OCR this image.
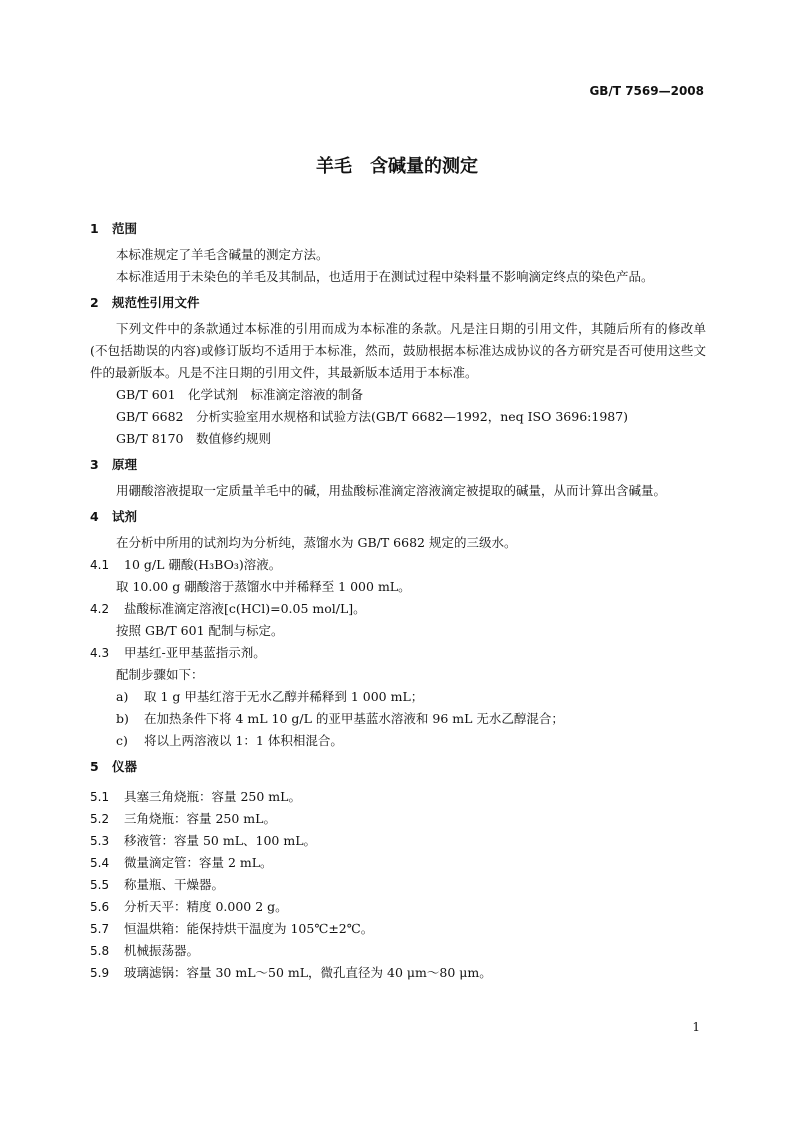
GB/T 7569—2008
羊毛　含碱量的测定
1 范围

本标准规定了羊毛含碱量的测定方法。

本标准适用于未染色的羊毛及其制品，也适用于在测试过程中染料量不影响滴定终点的染色产品。

2 规范性引用文件

下列文件中的条款通过本标准的引用而成为本标准的条款。凡是注日期的引用文件，其随后所有的修改单(不包括勘误的内容)或修订版均不适用于本标准，然而，鼓励根据本标准达成协议的各方研究是否可使用这些文件的最新版本。凡是不注日期的引用文件，其最新版本适用于本标准。

GB/T 601　化学试剂　标准滴定溶液的制备

GB/T 6682　分析实验室用水规格和试验方法(GB/T 6682—1992，neq ISO 3696:1987)

GB/T 8170　数值修约规则

3 原理

用硼酸溶液提取一定质量羊毛中的碱，用盐酸标准滴定溶液滴定被提取的碱量，从而计算出含碱量。

4 试剂

在分析中所用的试剂均为分析纯，蒸馏水为 GB/T 6682 规定的三级水。

4.1 10 g/L 硼酸(H₃BO₃)溶液。

取 10.00 g 硼酸溶于蒸馏水中并稀释至 1 000 mL。

4.2 盐酸标准滴定溶液[c(HCl)=0.05 mol/L]。

按照 GB/T 601 配制与标定。

4.3 甲基红-亚甲基蓝指示剂。

配制步骤如下：

a) 取 1 g 甲基红溶于无水乙醇并稀释到 1 000 mL；

b) 在加热条件下将 4 mL 10 g/L 的亚甲基蓝水溶液和 96 mL 无水乙醇混合；

c) 将以上两溶液以 1：1 体积相混合。

5 仪器

5.1 具塞三角烧瓶：容量 250 mL。

5.2 三角烧瓶：容量 250 mL。

5.3 移液管：容量 50 mL、100 mL。

5.4 微量滴定管：容量 2 mL。

5.5 称量瓶、干燥器。

5.6 分析天平：精度 0.000 2 g。

5.7 恒温烘箱：能保持烘干温度为 105℃±2℃。

5.8 机械振荡器。

5.9 玻璃滤锅：容量 30 mL～50 mL，微孔直径为 40 μm～80 μm。

1
